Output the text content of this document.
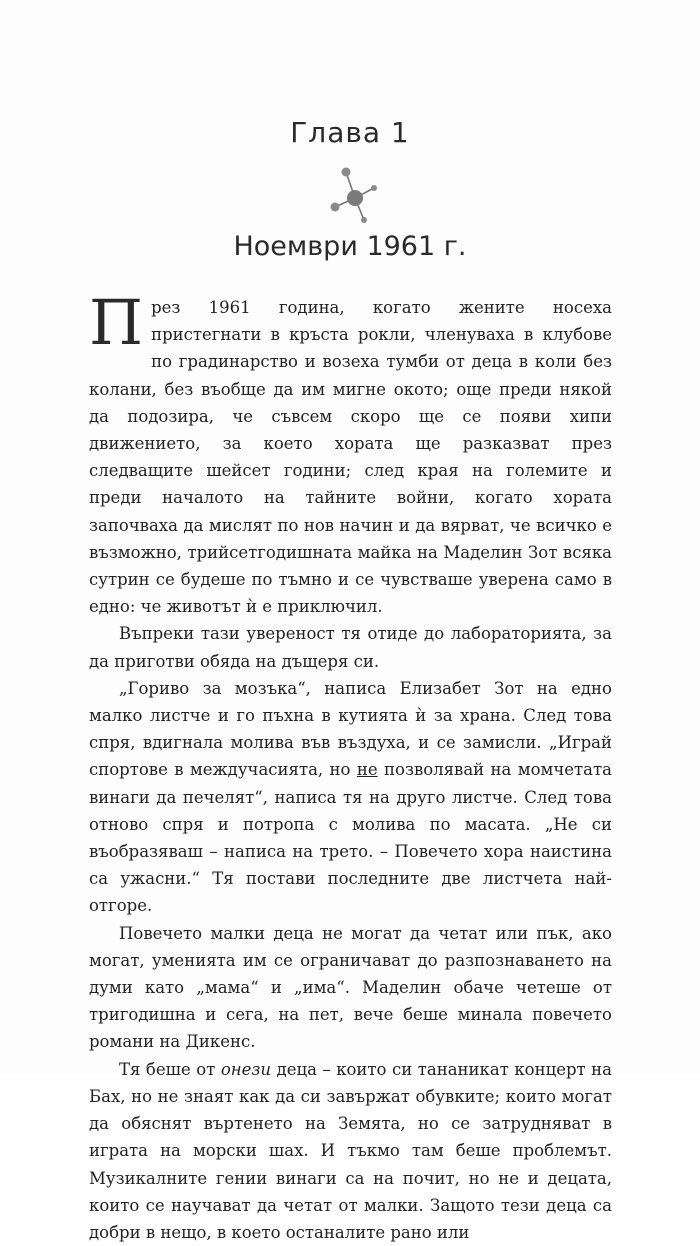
Глава 1
Ноември 1961 г.

През 1961 година, когато жените носеха пристегнати в кръста рокли, членуваха в клубове по градинарство и возеха тумби от деца в коли без колани, без въобще да им мигне окото; още преди някой да подозира, че съвсем скоро ще се появи хипи движението, за което хората ще разказват през следващите шейсет години; след края на големите и преди началото на тайните войни, когато хората започваха да мислят по нов начин и да вярват, че всичко е възможно, трийсетгодишната майка на Маделин Зот всяка сутрин се будеше по тъмно и се чувстваше уверена само в едно: че животът ѝ е приключил.

Въпреки тази увереност тя отиде до лабораторията, за да приготви обяда на дъщеря си.

„Гориво за мозъка“, написа Елизабет Зот на едно малко листче и го пъхна в кутията ѝ за храна. След това спря, вдигнала молива във въздуха, и се замисли. „Играй спортове в междучасията, но не позволявай на момчетата винаги да печелят“, написа тя на друго листче. След това отново спря и потропа с молива по масата. „Не си въобразяваш – написа на трето. – Повечето хора наистина са ужасни.“ Тя постави последните две листчета най-отгоре.

Повечето малки деца не могат да четат или пък, ако могат, уменията им се ограничават до разпознаването на думи като „мама“ и „има“. Маделин обаче четеше от тригодишна и сега, на пет, вече беше минала повечето романи на Дикенс.

Тя беше от онези деца – които си тананикат концерт на Бах, но не знаят как да си завържат обувките; които могат да обяснят въртенето на Земята, но се затрудняват в играта на морски шах. И тъкмо там беше проблемът. Музикалните гении винаги са на почит, но не и децата, които се научават да четат от малки. Защото тези деца са добри в нещо, в което останалите рано или
